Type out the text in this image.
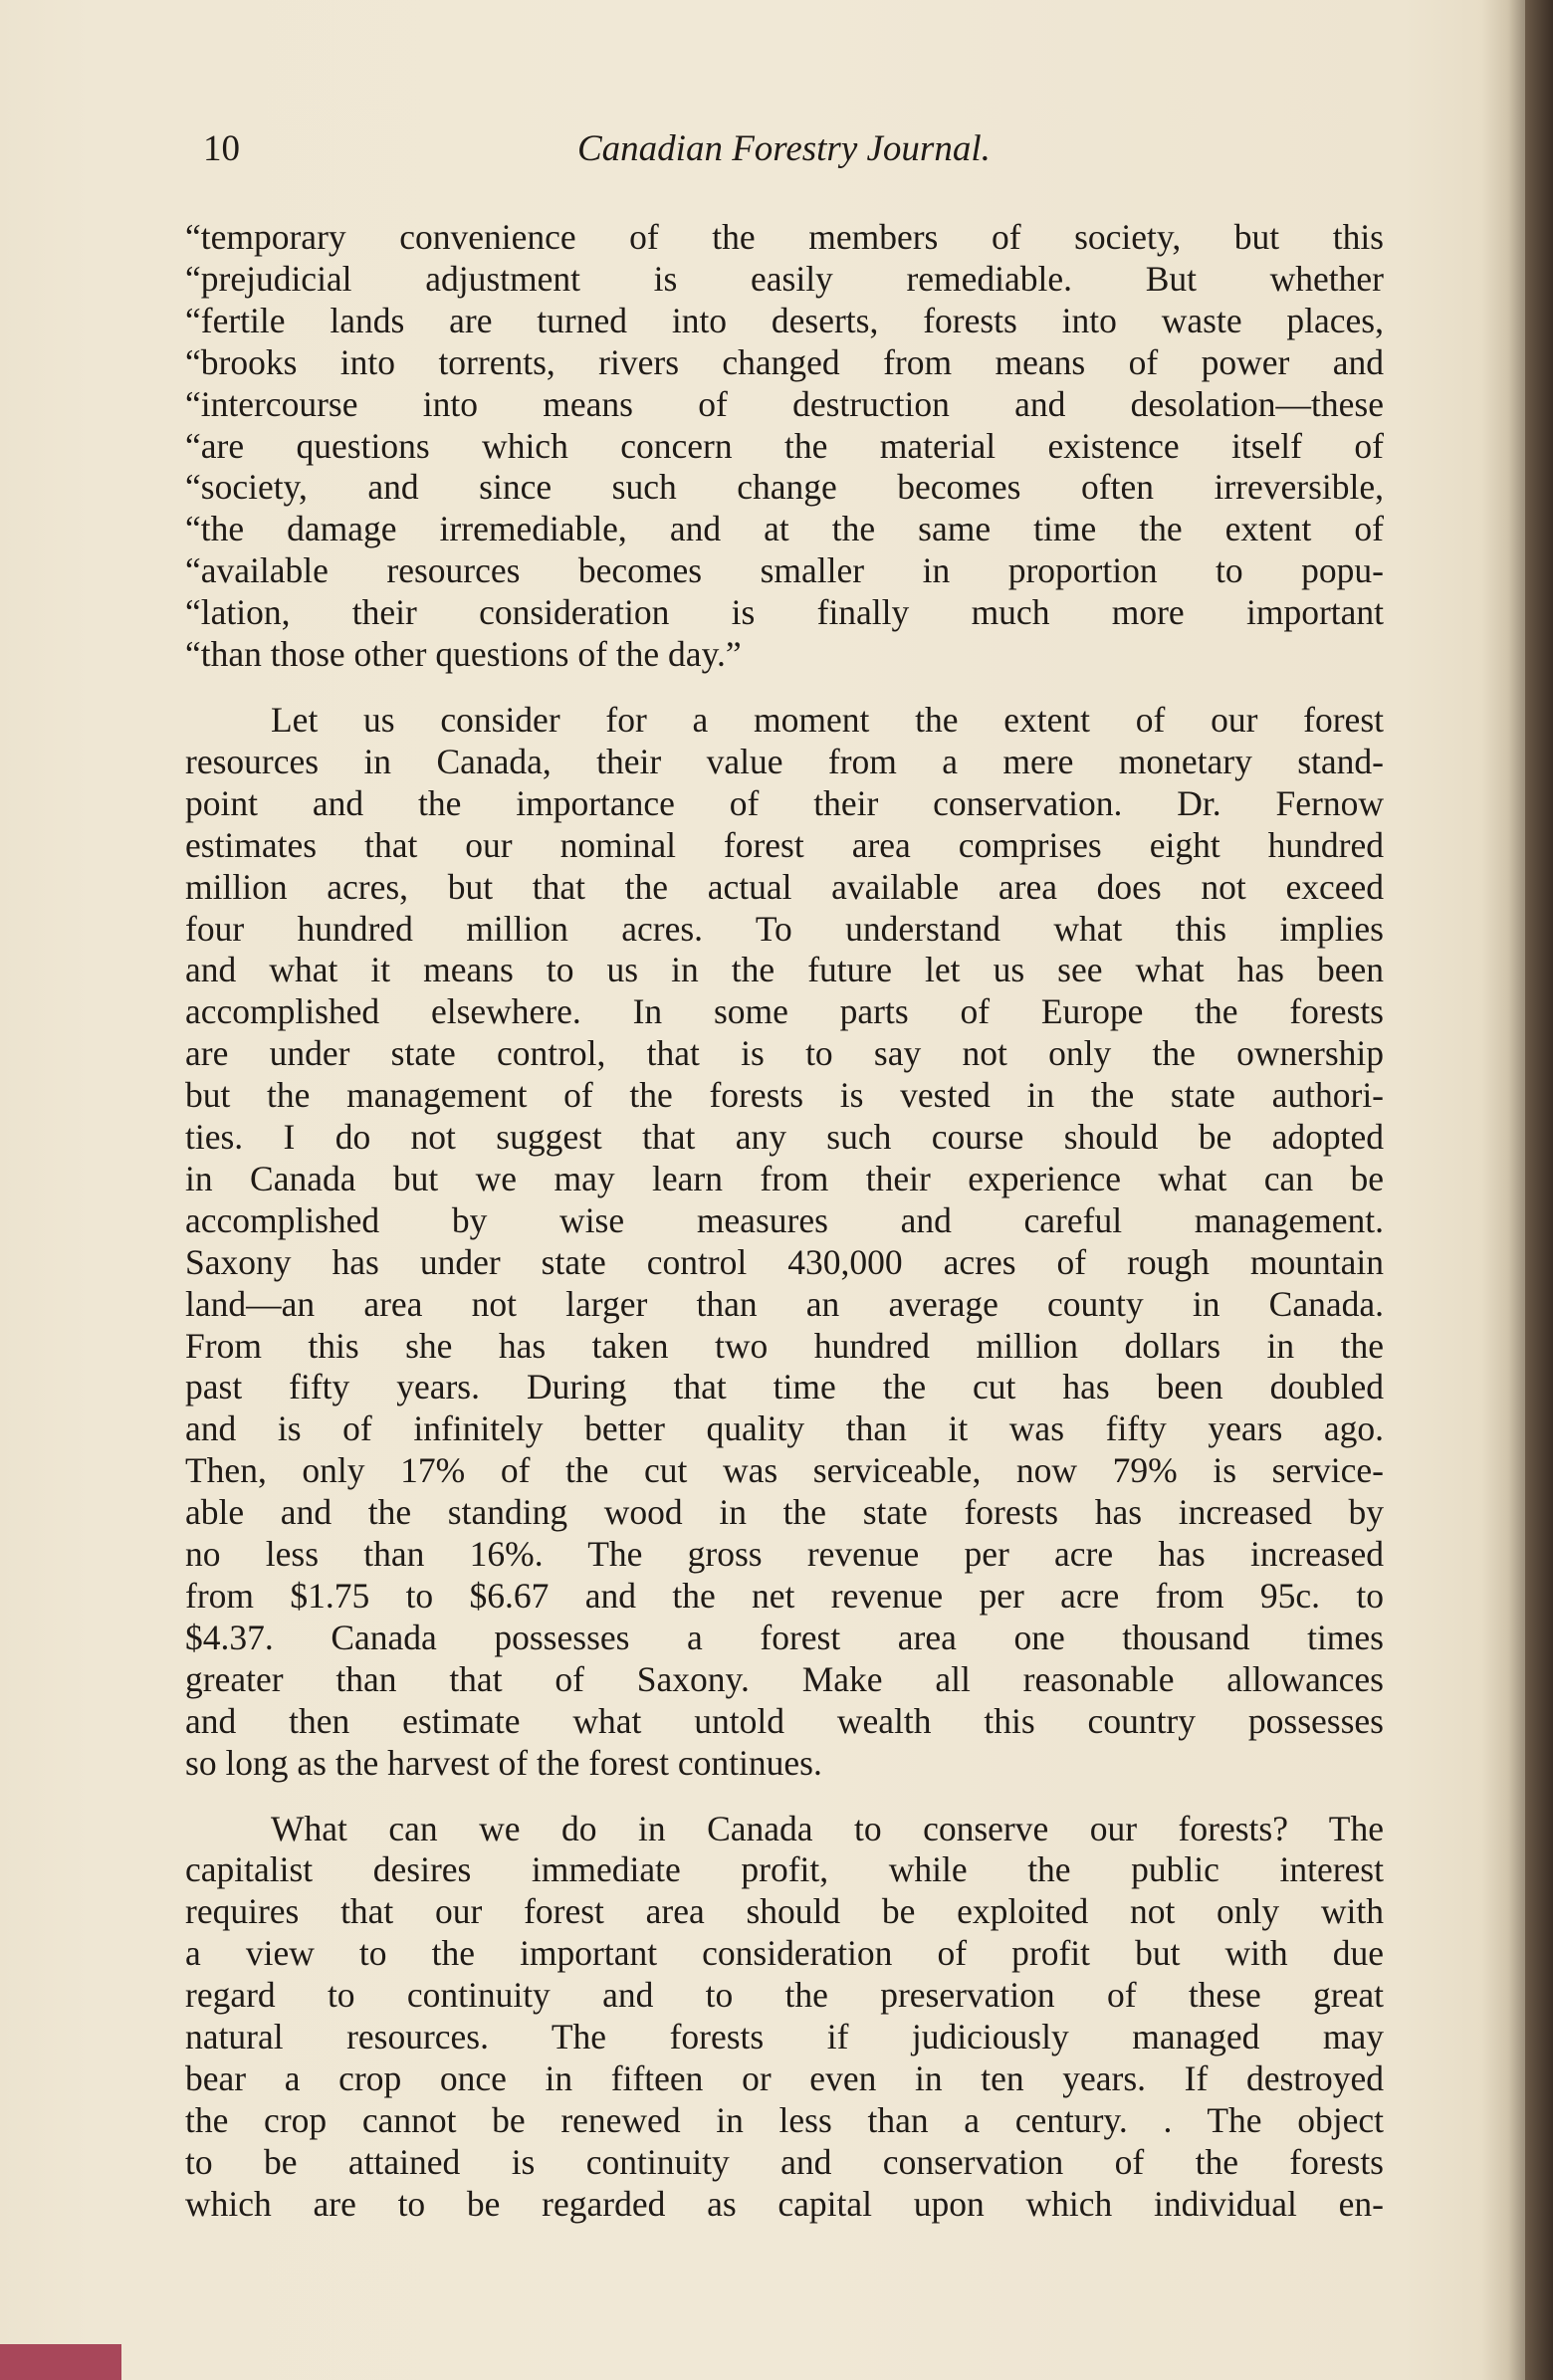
10	Canadian Forestry Journal.
“temporary convenience of the members of society, but this
“prejudicial adjustment is easily remediable. But whether
“fertile lands are turned into deserts, forests into waste places,
“brooks into torrents, rivers changed from means of power and
“intercourse into means of destruction and desolation—these
“are questions which concern the material existence itself of
“society, and since such change becomes often irreversible,
“the damage irremediable, and at the same time the extent of
“available resources becomes smaller in proportion to popu-
“lation, their consideration is finally much more important
“than those other questions of the day.”
Let us consider for a moment the extent of our forest
resources in Canada, their value from a mere monetary stand-
point and the importance of their conservation. Dr. Fernow
estimates that our nominal forest area comprises eight hundred
million acres, but that the actual available area does not exceed
four hundred million acres. To understand what this implies
and what it means to us in the future let us see what has been
accomplished elsewhere. In some parts of Europe the forests
are under state control, that is to say not only the ownership
but the management of the forests is vested in the state authori-
ties. I do not suggest that any such course should be adopted
in Canada but we may learn from their experience what can be
accomplished by wise measures and careful management.
Saxony has under state control 430,000 acres of rough mountain
land—an area not larger than an average county in Canada.
From this she has taken two hundred million dollars in the
past fifty years. During that time the cut has been doubled
and is of infinitely better quality than it was fifty years ago.
Then, only 17% of the cut was serviceable, now 79% is service-
able and the standing wood in the state forests has increased by
no less than 16%. The gross revenue per acre has increased
from $1.75 to $6.67 and the net revenue per acre from 95c. to
$4.37. Canada possesses a forest area one thousand times
greater than that of Saxony. Make all reasonable allowances
and then estimate what untold wealth this country possesses
so long as the harvest of the forest continues.
What can we do in Canada to conserve our forests? The
capitalist desires immediate profit, while the public interest
requires that our forest area should be exploited not only with
a view to the important consideration of profit but with due
regard to continuity and to the preservation of these great
natural resources. The forests if judiciously managed may
bear a crop once in fifteen or even in ten years. If destroyed
the crop cannot be renewed in less than a century. . The object
to be attained is continuity and conservation of the forests
which are to be regarded as capital upon which individual en-
